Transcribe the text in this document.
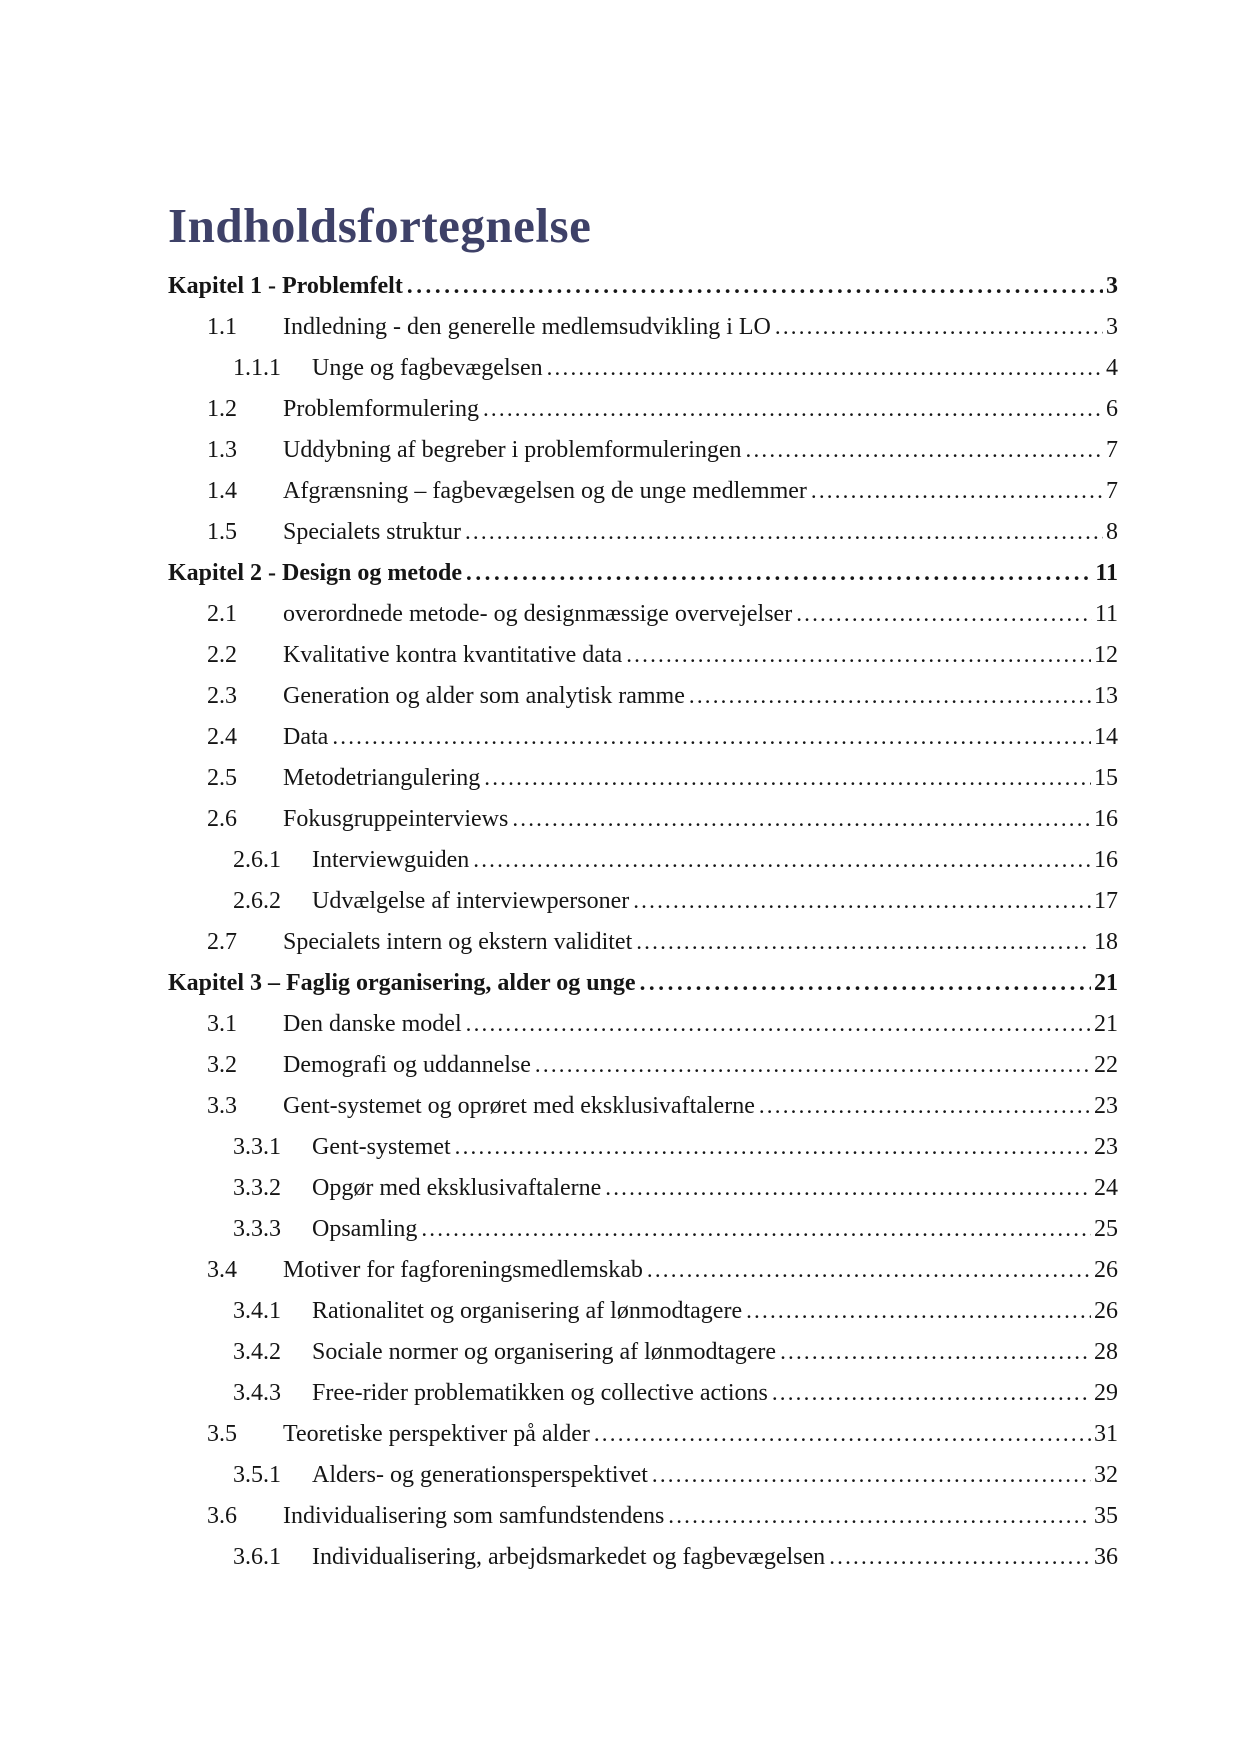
Indholdsfortegnelse
Kapitel 1 - Problemfelt .....	3
1.1	Indledning - den generelle medlemsudvikling i LO .....	3
1.1.1	Unge og fagbevægelsen .....	4
1.2	Problemformulering .....	6
1.3	Uddybning af begreber i problemformuleringen .....	7
1.4	Afgrænsning – fagbevægelsen og de unge medlemmer .....	7
1.5	Specialets struktur .....	8
Kapitel 2 - Design og metode .....	11
2.1	overordnede metode- og designmæssige overvejelser .....	11
2.2	Kvalitative kontra kvantitative data .....	12
2.3	Generation og alder som analytisk ramme .....	13
2.4	Data .....	14
2.5	Metodetriangulering .....	15
2.6	Fokusgruppeinterviews .....	16
2.6.1	Interviewguiden .....	16
2.6.2	Udvælgelse af interviewpersoner .....	17
2.7	Specialets intern og ekstern validitet .....	18
Kapitel 3 – Faglig organisering, alder og unge .....	21
3.1	Den danske model .....	21
3.2	Demografi og uddannelse .....	22
3.3	Gent-systemet og oprøret med eksklusivaftalerne .....	23
3.3.1	Gent-systemet .....	23
3.3.2	Opgør med eksklusivaftalerne .....	24
3.3.3	Opsamling .....	25
3.4	Motiver for fagforeningsmedlemskab .....	26
3.4.1	Rationalitet og organisering af lønmodtagere .....	26
3.4.2	Sociale normer og organisering af lønmodtagere .....	28
3.4.3	Free-rider problematikken og collective actions .....	29
3.5	Teoretiske perspektiver på alder .....	31
3.5.1	Alders- og generationsperspektivet .....	32
3.6	Individualisering som samfundstendens .....	35
3.6.1	Individualisering, arbejdsmarkedet og fagbevægelsen .....	36
